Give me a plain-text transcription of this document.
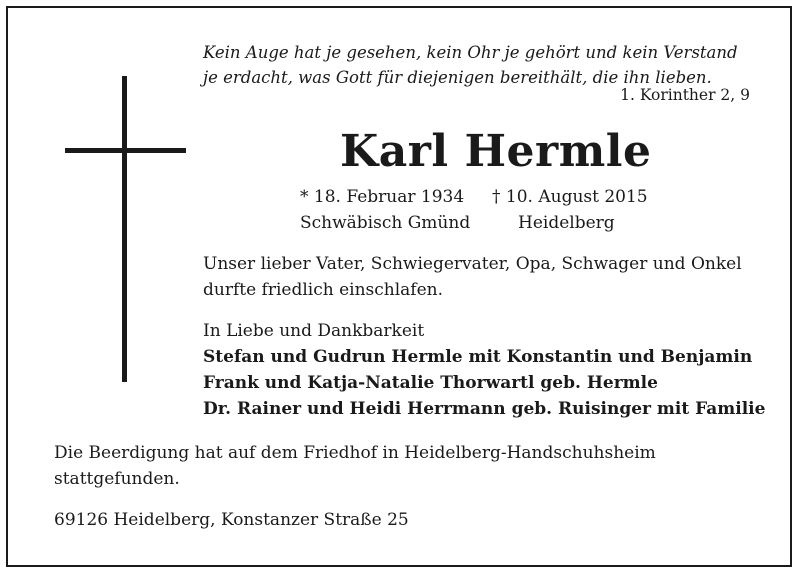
Kein Auge hat je gesehen, kein Ohr je gehört und kein Verstand
je erdacht, was Gott für diejenigen bereithält, die ihn lieben.
1. Korinther 2, 9
Karl Hermle
* 18. Februar 1934	† 10. August 2015
Schwäbisch Gmünd	Heidelberg
Unser lieber Vater, Schwiegervater, Opa, Schwager und Onkel
durfte friedlich einschlafen.
In Liebe und Dankbarkeit
Stefan und Gudrun Hermle mit Konstantin und Benjamin
Frank und Katja-Natalie Thorwartl geb. Hermle
Dr. Rainer und Heidi Herrmann geb. Ruisinger mit Familie
Die Beerdigung hat auf dem Friedhof in Heidelberg-Handschuhsheim
stattgefunden.
69126 Heidelberg, Konstanzer Straße 25
